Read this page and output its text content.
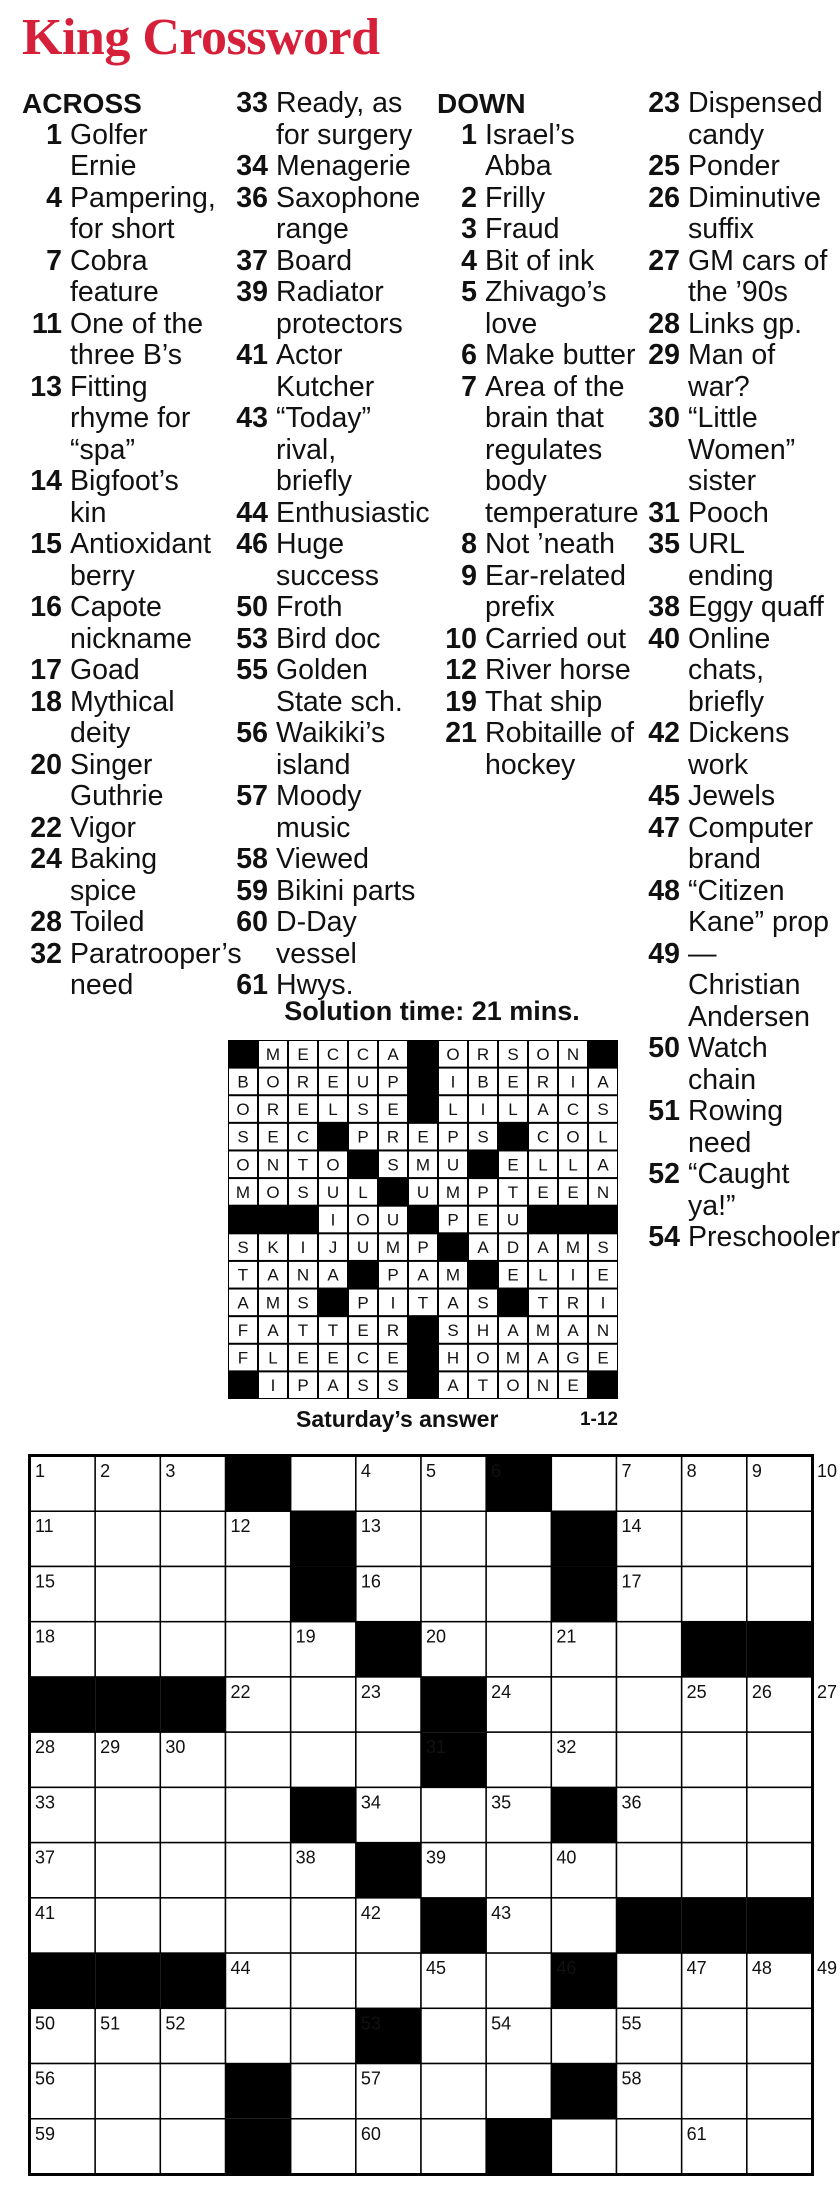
King Crossword
ACROSS
1 Golfer Ernie
4 Pampering, for short
7 Cobra feature
11 One of the three B’s
13 Fitting rhyme for “spa”
14 Bigfoot’s kin
15 Antioxidant berry
16 Capote nickname
17 Goad
18 Mythical deity
20 Singer Guthrie
22 Vigor
24 Baking spice
28 Toiled
32 Paratrooper’s need
33 Ready, as for surgery
34 Menagerie
36 Saxophone range
37 Board
39 Radiator protectors
41 Actor Kutcher
43 “Today” rival, briefly
44 Enthusiastic
46 Huge success
50 Froth
53 Bird doc
55 Golden State sch.
56 Waikiki’s island
57 Moody music
58 Viewed
59 Bikini parts
60 D-Day vessel
61 Hwys.
DOWN
1 Israel’s Abba
2 Frilly
3 Fraud
4 Bit of ink
5 Zhivago’s love
6 Make butter
7 Area of the brain that regulates body temperature
8 Not ’neath
9 Ear-related prefix
10 Carried out
12 River horse
19 That ship
21 Robitaille of hockey
23 Dispensed candy
25 Ponder
26 Diminutive suffix
27 GM cars of the ’90s
28 Links gp.
29 Man of war?
30 “Little Women” sister
31 Pooch
35 URL ending
38 Eggy quaff
40 Online chats, briefly
42 Dickens work
45 Jewels
47 Computer brand
48 “Citizen Kane” prop
49 — Christian Andersen
50 Watch chain
51 Rowing need
52 “Caught ya!”
54 Preschooler
Solution time: 21 mins.
M E C C A	O R S O N
B O R E U P	I B E R I A
O R E L S E	L I L A C S
S E C	P R E P S	C O L
O N T O	S M U	E L L A
M O S U L	U M P T E E N
I O U	P E U
S K I J U M P	A D A M S
T A N A	P A M	E L I E
A M S	P I T A S	T R I
F A T T E R	S H A M A N
F L E E C E	H O M A G E
I P A S S	A T O N E
Saturday’s answer	1-12
1	2	3	4	5	6	7	8	9	10
11	12	13	14
15	16	17
18	19	20	21
22	23	24	25	26	27
28	29	30	31	32
33	34	35	36
37	38	39	40
41	42	43
44	45	46	47	48	49
50	51	52	53	54	55
56	57	58
59	60	61
